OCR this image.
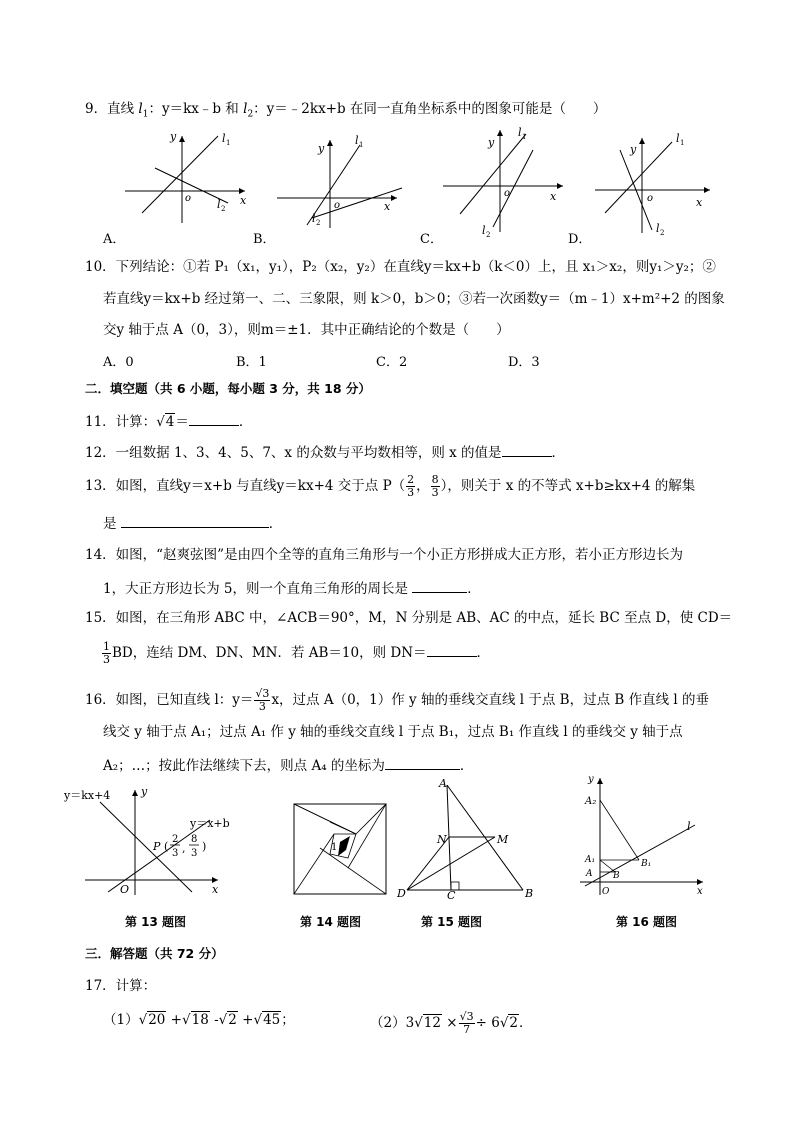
9．直线 $l_1$：y＝kx﹣b 和 $l_2$：y＝﹣2kx+b 在同一直角坐标系中的图象可能是（　　）
y	l 1
x
o l 2
A．
y
l 1
x
o
l 2
B．
y
l 1
x
o
l 2
C．
y
l 1
x
o
l 2
D．
10．下列结论：①若 P₁（x₁，y₁），P₂（x₂，y₂）在直线y＝kx+b（k＜0）上，且 x₁＞x₂，则y₁＞y₂；②
若直线y＝kx+b 经过第一、二、三象限，则 k＞0，b＞0；③若一次函数y＝（m﹣1）x+m²+2 的图象
交y 轴于点 A（0，3），则m＝±1．其中正确结论的个数是（　　）
A．0	B．1	C．2	D．3
二．填空题（共 6 小题，每小题 3 分，共 18 分）
11．计算：√4＝	．
12．一组数据 1、3、4、5、7、x 的众数与平均数相等，则 x 的值是	．
13．如图，直线y＝x+b 与直线y＝kx+4 交于点 $P( \frac{2}{3}$ ， $\frac{8}{3}$ ），则关于 x 的不等式 x+b≥kx+4 的解集
是	．
14．如图，“赵爽弦图”是由四个全等的直角三角形与一个小正方形拼成大正方形，若小正方形边长为
1，大正方形边长为 5，则一个直角三角形的周长是	．
15．如图，在三角形 ABC 中，∠ACB＝90°，M，N 分别是 AB、AC 的中点，延长 BC 至点 D，使 CD＝
$\frac{1}{3}$ BD，连结 DM、DN、MN．若 AB＝10，则 DN＝	．
16．如图，已知直线 l：$y= \frac{√3}{3}$ x，过点 A（0，1）作 y 轴的垂线交直线 l 于点 B，过点 B 作直线 l 的垂
线交 y 轴于点 A₁；过点 A₁ 作 y 轴的垂线交直线 l 于点 B₁，过点 B₁ 作直线 l 的垂线交 y 轴于点
A₂；…；按此作法继续下去，则点 A₄ 的坐标为	．
y＝kx+4	y
y＝x+b
P (
2
3 ,
8
3
)
O	x
第 13 题图
1
第 14 题图
A
N	M
D	C	B
第 15 题图
y
A₂
A₁
A B
B₁
O
l
x
第 16 题图
三．解答题（共 72 分）
17．计算：
（1）√20 +√18 -√2 +√45；	$(2)3√12 \times \frac{√3}{7} \div 6√2$．
